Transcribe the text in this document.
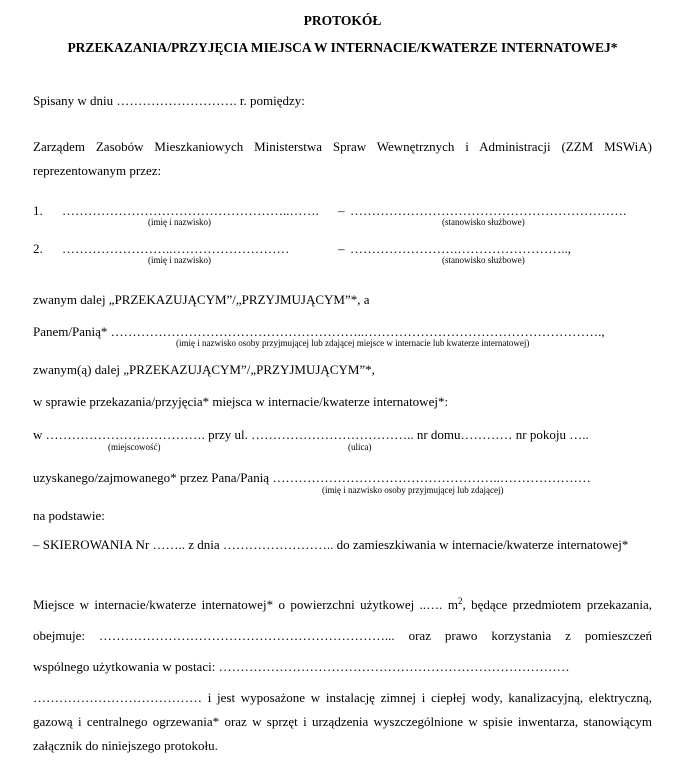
PROTOKÓŁ
PRZEKAZANIA/PRZYJĘCIA MIEJSCA W INTERNACIE/KWATERZE INTERNATOWEJ*
Spisany w dniu ………………………. r. pomiędzy:
Zarządem Zasobów Mieszkaniowych Ministerstwa Spraw Wewnętrznych i Administracji (ZZM MSWiA)
reprezentowanym przez:
1. ……………………………………………..……. – ……………………………………………………….
(imię i nazwisko)	(stanowisko służbowe)
2. ……………………..………………………	– …………………….……………………..,
(imię i nazwisko)	(stanowisko służbowe)
zwanym dalej „PRZEKAZUJĄCYM”/„PRZYJMUJĄCYM”*, a
Panem/Panią* …………………………………………………..……………………………………………….,
(imię i nazwisko osoby przyjmującej lub zdającej miejsce w internacie lub kwaterze internatowej)
zwanym(ą) dalej „PRZEKAZUJĄCYM”/„PRZYJMUJĄCYM”*,
w sprawie przekazania/przyjęcia* miejsca w internacie/kwaterze internatowej*:
w ………………………………. przy ul. ……………………………….. nr domu………… nr pokoju …..
(miejscowość)	(ulica)
uzyskanego/zajmowanego* przez Pana/Panią ……………………………………………..…………………
(imię i nazwisko osoby przyjmującej lub zdającej)
na podstawie:
– SKIEROWANIA Nr …….. z dnia …………………….. do zamieszkiwania w internacie/kwaterze internatowej*
Miejsce w internacie/kwaterze internatowej* o powierzchni użytkowej ..…. $m^2$, będące przedmiotem przekazania,
obejmuje: …………………………………………………………... oraz prawo korzystania z pomieszczeń
wspólnego użytkowania w postaci: ………………………………………………………………………
………………………………… i jest wyposażone w instalację zimnej i ciepłej wody, kanalizacyjną, elektryczną,
gazową i centralnego ogrzewania* oraz w sprzęt i urządzenia wyszczególnione w spisie inwentarza, stanowiącym
załącznik do niniejszego protokołu.
